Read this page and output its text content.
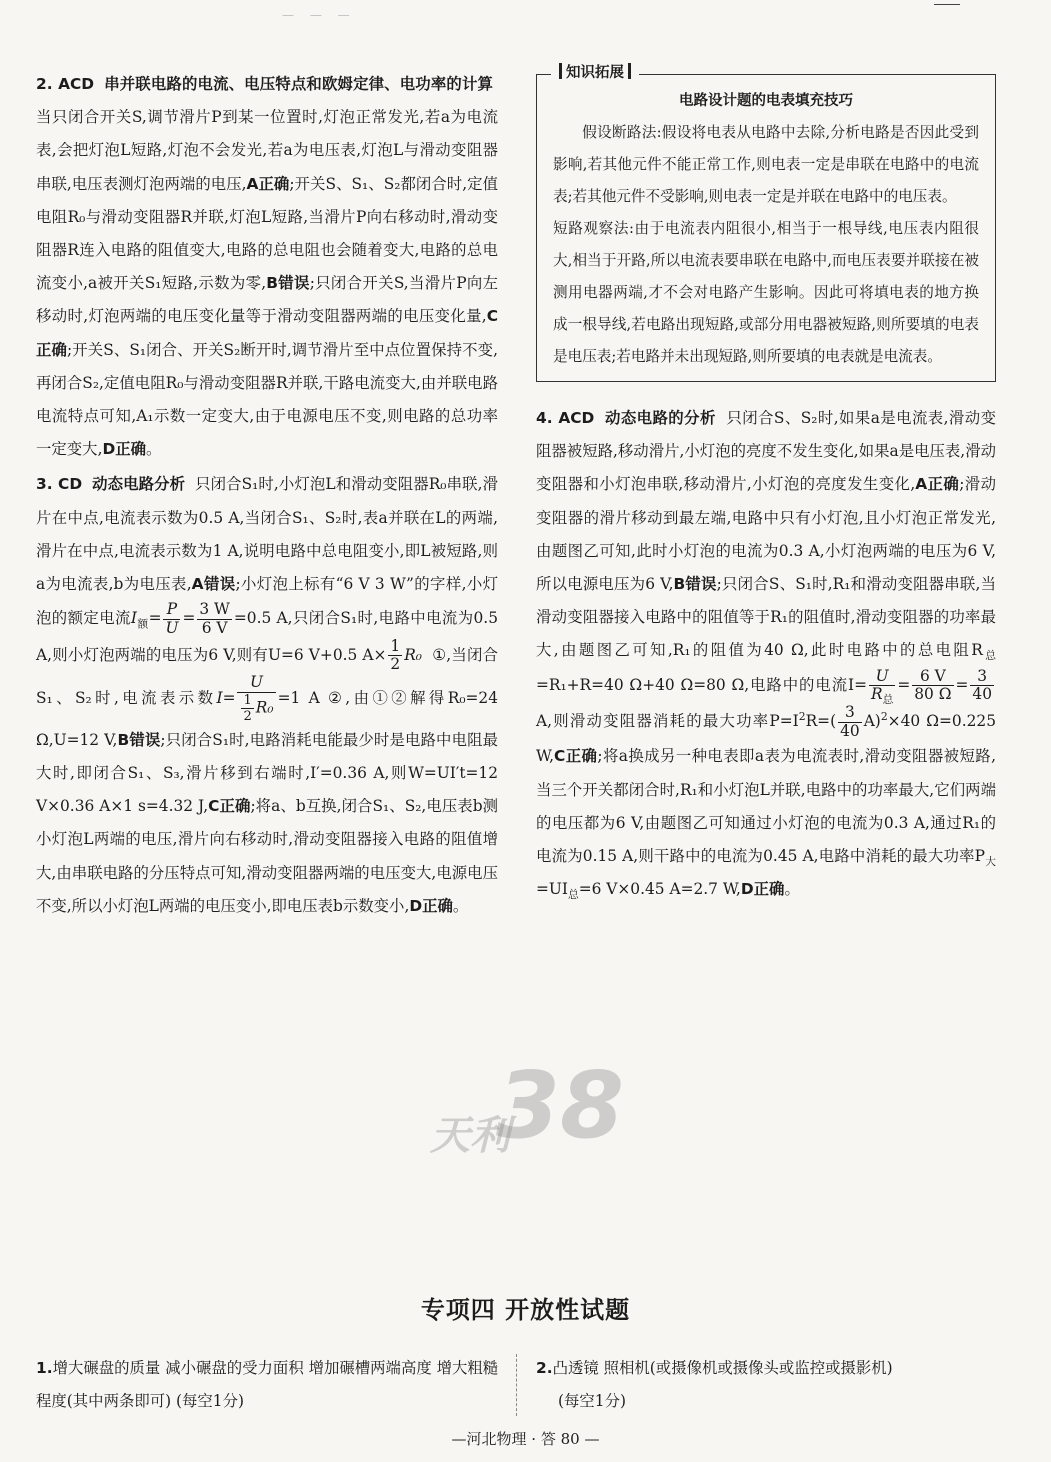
— — —

2. ACD 串并联电路的电流、电压特点和欧姆定律、电功率的计算  当只闭合开关S,调节滑片P到某一位置时,灯泡正常发光,若a为电流表,会把灯泡L短路,灯泡不会发光,若a为电压表,灯泡L与滑动变阻器串联,电压表测灯泡两端的电压,A正确;开关S、S₁、S₂都闭合时,定值电阻R₀与滑动变阻器R并联,灯泡L短路,当滑片P向右移动时,滑动变阻器R连入电路的阻值变大,电路的总电阻也会随着变大,电路的总电流变小,a被开关S₁短路,示数为零,B错误;只闭合开关S,当滑片P向左移动时,灯泡两端的电压变化量等于滑动变阻器两端的电压变化量,C正确;开关S、S₁闭合、开关S₂断开时,调节滑片至中点位置保持不变,再闭合S₂,定值电阻R₀与滑动变阻器R并联,干路电流变大,由并联电路电流特点可知,A₁示数一定变大,由于电源电压不变,则电路的总功率一定变大,D正确。

3. CD 动态电路分析 只闭合S₁时,小灯泡L和滑动变阻器R₀串联,滑片在中点,电流表示数为0.5 A,当闭合S₁、S₂时,表a并联在L的两端,滑片在中点,电流表示数为1 A,说明电路中总电阻变小,即L被短路,则a为电流表,b为电压表,A错误;小灯泡上标有“6 V 3 W”的字样,小灯泡的额定电流$I_额= \frac{P}{U} = \frac{3 W}{6 V} =0.5$ A,只闭合S₁时,电路中电流为0.5 A,则小灯泡两端的电压为6 V,则有U=6 V+0.5 $A\times \frac{1}{2} R_0$ ①,当闭合S₁、S₂时,电流表示数$I= \frac{U}{\frac{1}{2} R_0} =1$ A ②,由①②解得R₀=24 Ω,U=12 V,B错误;只闭合S₁时,电路消耗电能最少时是电路中电阻最大时,即闭合S₁、S₃,滑片移到右端时,I′=0.36 A,则W=UI′t=12 V×0.36 A×1 s=4.32 J,C正确;将a、b互换,闭合S₁、S₂,电压表b测小灯泡L两端的电压,滑片向右移动时,滑动变阻器接入电路的阻值增大,由串联电路的分压特点可知,滑动变阻器两端的电压变大,电源电压不变,所以小灯泡L两端的电压变小,即电压表b示数变小,D正确。

知识拓展
电路设计题的电表填充技巧

假设断路法:假设将电表从电路中去除,分析电路是否因此受到影响,若其他元件不能正常工作,则电表一定是串联在电路中的电流表;若其他元件不受影响,则电表一定是并联在电路中的电压表。

短路观察法:由于电流表内阻很小,相当于一根导线,电压表内阻很大,相当于开路,所以电流表要串联在电路中,而电压表要并联接在被测用电器两端,才不会对电路产生影响。因此可将填电表的地方换成一根导线,若电路出现短路,或部分用电器被短路,则所要填的电表是电压表;若电路并未出现短路,则所要填的电表就是电流表。

4. ACD 动态电路的分析 只闭合S、S₂时,如果a是电流表,滑动变阻器被短路,移动滑片,小灯泡的亮度不发生变化,如果a是电压表,滑动变阻器和小灯泡串联,移动滑片,小灯泡的亮度发生变化,A正确;滑动变阻器的滑片移动到最左端,电路中只有小灯泡,且小灯泡正常发光,由题图乙可知,此时小灯泡的电流为0.3 A,小灯泡两端的电压为6 V,所以电源电压为6 V,B错误;只闭合S、S₁时,R₁和滑动变阻器串联,当滑动变阻器接入电路中的阻值等于R₁的阻值时,滑动变阻器的功率最大,由题图乙可知,R₁的阻值为40 Ω,此时电路中的总电阻$R_总=R_1+R=40$ Ω+40 Ω=80 Ω,电路中的电流$I= \frac{U}{R_总} = \frac{6 V}{80 \Omega} = \frac{3}{40}$
A,则滑动变阻器消耗的最大功率$P=I^2R=( \frac{3}{40} A)^2\times 40$ Ω=0.225 W,C正确;将a换成另一种电表即a表为电流表时,滑动变阻器被短路,当三个开关都闭合时,R₁和小灯泡L并联,电路中的功率最大,它们两端的电压都为6 V,由题图乙可知通过小灯泡的电流为0.3 A,通过R₁的电流为0.15 A,则干路中的电流为0.45 A,电路中消耗的最大功率$P_大=UI_总=6$ V×0.45 A=2.7 W,D正确。

天利
38
专项四 开放性试题
1.增大碾盘的质量 减小碾盘的受力面积 增加碾槽两端高度 增大粗糙程度(其中两条即可) (每空1分)
2.凸透镜 照相机(或摄像机或摄像头或监控或摄影机)
(每空1分)
—河北物理 · 答 80 —
